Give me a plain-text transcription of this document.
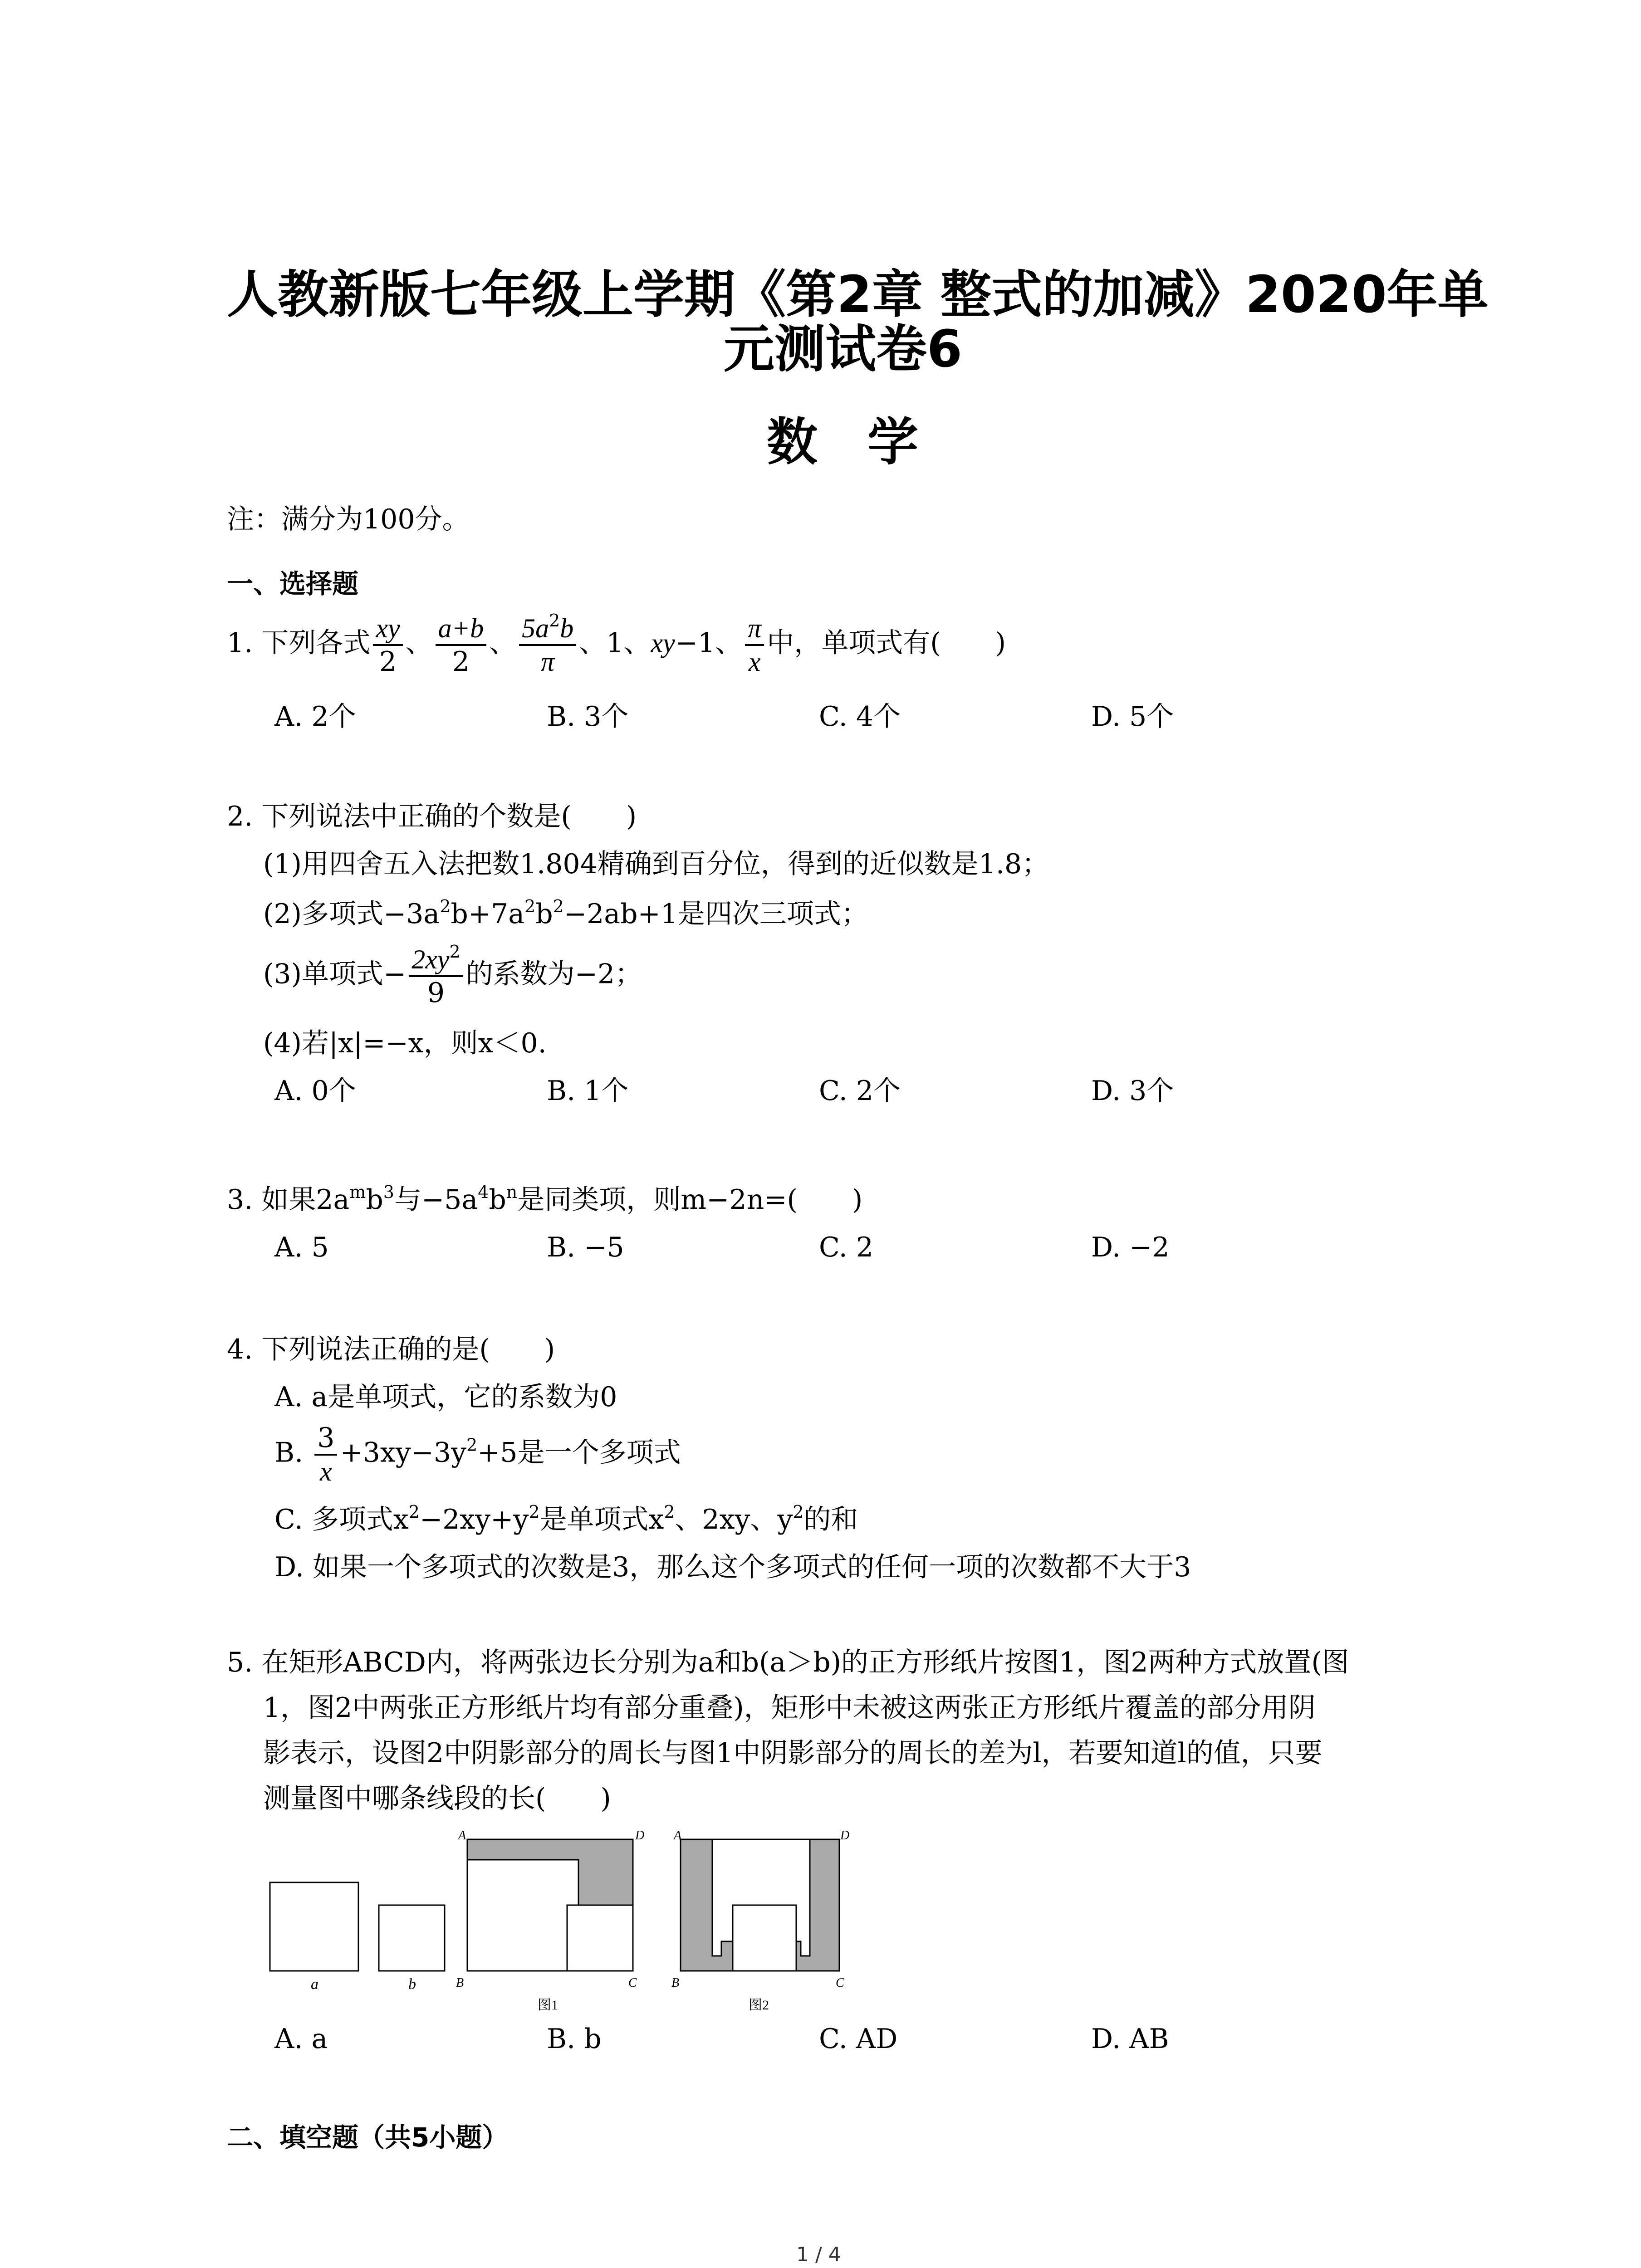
人教新版七年级上学期《第2章 整式的加减》2020年单
元测试卷6
数学
注：满分为100分。
一、选择题
1. 下列各式 $\frac{xy}{2}$ 、 $\frac{a+b}{2}$ 、 $\frac{5a^2b}{\pi}$ 、1、xy−1、 $\frac{\pi}{x}$ 中，单项式有(　　)
A. 2个	B. 3个	C. 4个	D. 5个
2. 下列说法中正确的个数是(　　)
(1)用四舍五入法把数1.804精确到百分位，得到的近似数是1.8；
(2)多项式$-3a^2b+7a^2b^2-2ab+1$是四次三项式；
(3)单项式− $\frac{2xy^2}{9}$ 的系数为−2；
(4)若|x|=−x，则x＜0.
A. 0个	B. 1个	C. 2个	D. 3个
3. 如果$2a^mb^3$与$-5a^4b^n$是同类项，则m−2n=(　　)
A. 5	B. −5	C. 2	D. −2
4. 下列说法正确的是(　　)
A. a是单项式，它的系数为0
B. $\frac{3}{x} +3xy-3y^2+5$是一个多项式
C. 多项式$x^2-2xy+y^2$是单项式$x^2$、2xy、$y^2$的和
D. 如果一个多项式的次数是3，那么这个多项式的任何一项的次数都不大于3
5. 在矩形ABCD内，将两张边长分别为a和b(a＞b)的正方形纸片按图1，图2两种方式放置(图
1，图2中两张正方形纸片均有部分重叠)，矩形中未被这两张正方形纸片覆盖的部分用阴
影表示，设图2中阴影部分的周长与图1中阴影部分的周长的差为l，若要知道l的值，只要
测量图中哪条线段的长(　　)
a	b
A	D
B	C
图1
A	D
B	C
图2
A. a	B. b	C. AD	D. AB
二、填空题（共5小题）
1 / 4
